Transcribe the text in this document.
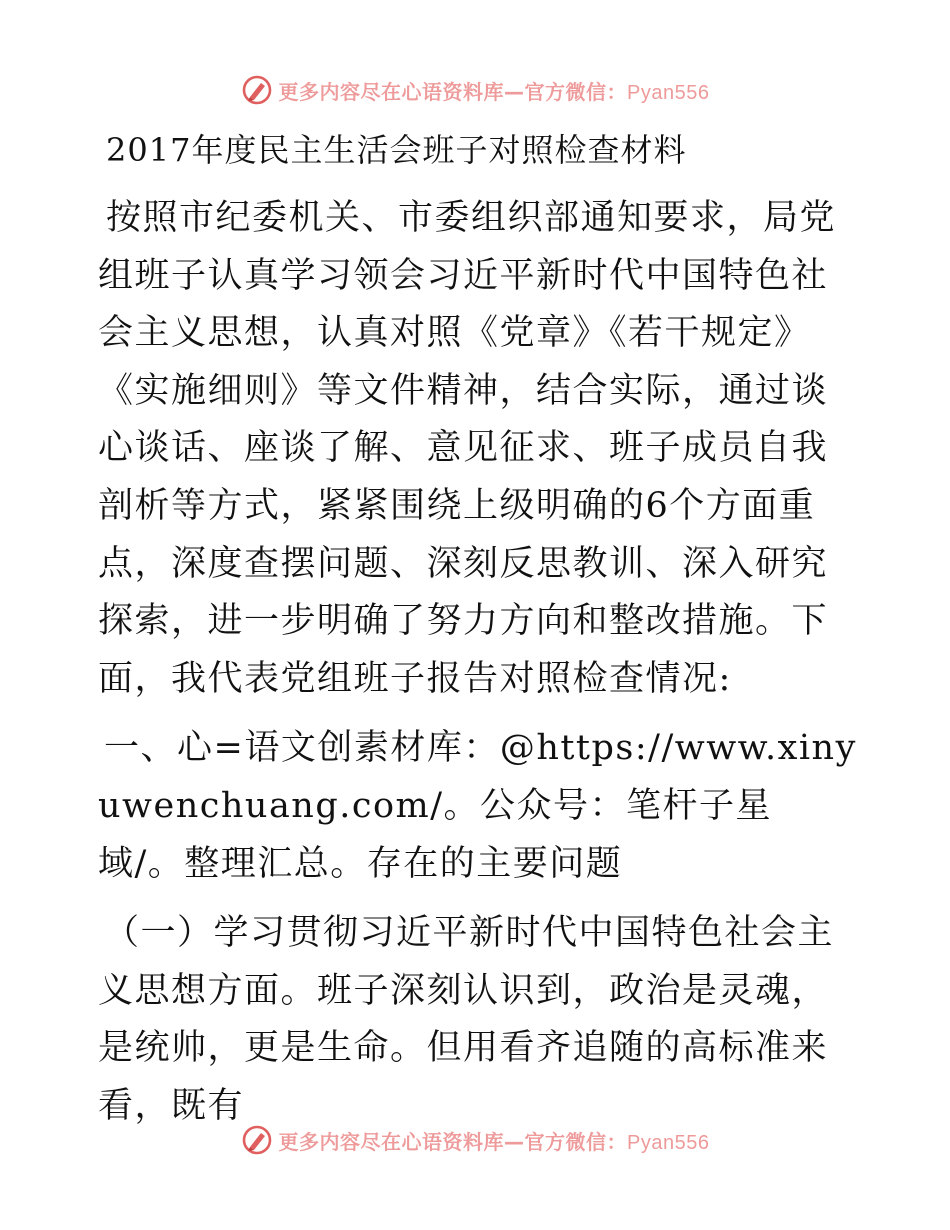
更多内容尽在心语资料库—官方微信：Pyan556
2017年度民主生活会班子对照检查材料

按照市纪委机关、市委组织部通知要求，局党组班子认真学习领会习近平新时代中国特色社会主义思想，认真对照《党章》《若干规定》《实施细则》等文件精神，结合实际，通过谈心谈话、座谈了解、意见征求、班子成员自我剖析等方式，紧紧围绕上级明确的6个方面重点，深度查摆问题、深刻反思教训、深入研究探索，进一步明确了努力方向和整改措施。下面，我代表党组班子报告对照检查情况:

一、心=语文创素材库：@https://www.xinyuwenchuang.com/。公众号：笔杆子星域/。整理汇总。存在的主要问题

（一）学习贯彻习近平新时代中国特色社会主义思想方面。班子深刻认识到，政治是灵魂，是统帅，更是生命。但用看齐追随的高标准来看，既有

更多内容尽在心语资料库—官方微信：Pyan556
